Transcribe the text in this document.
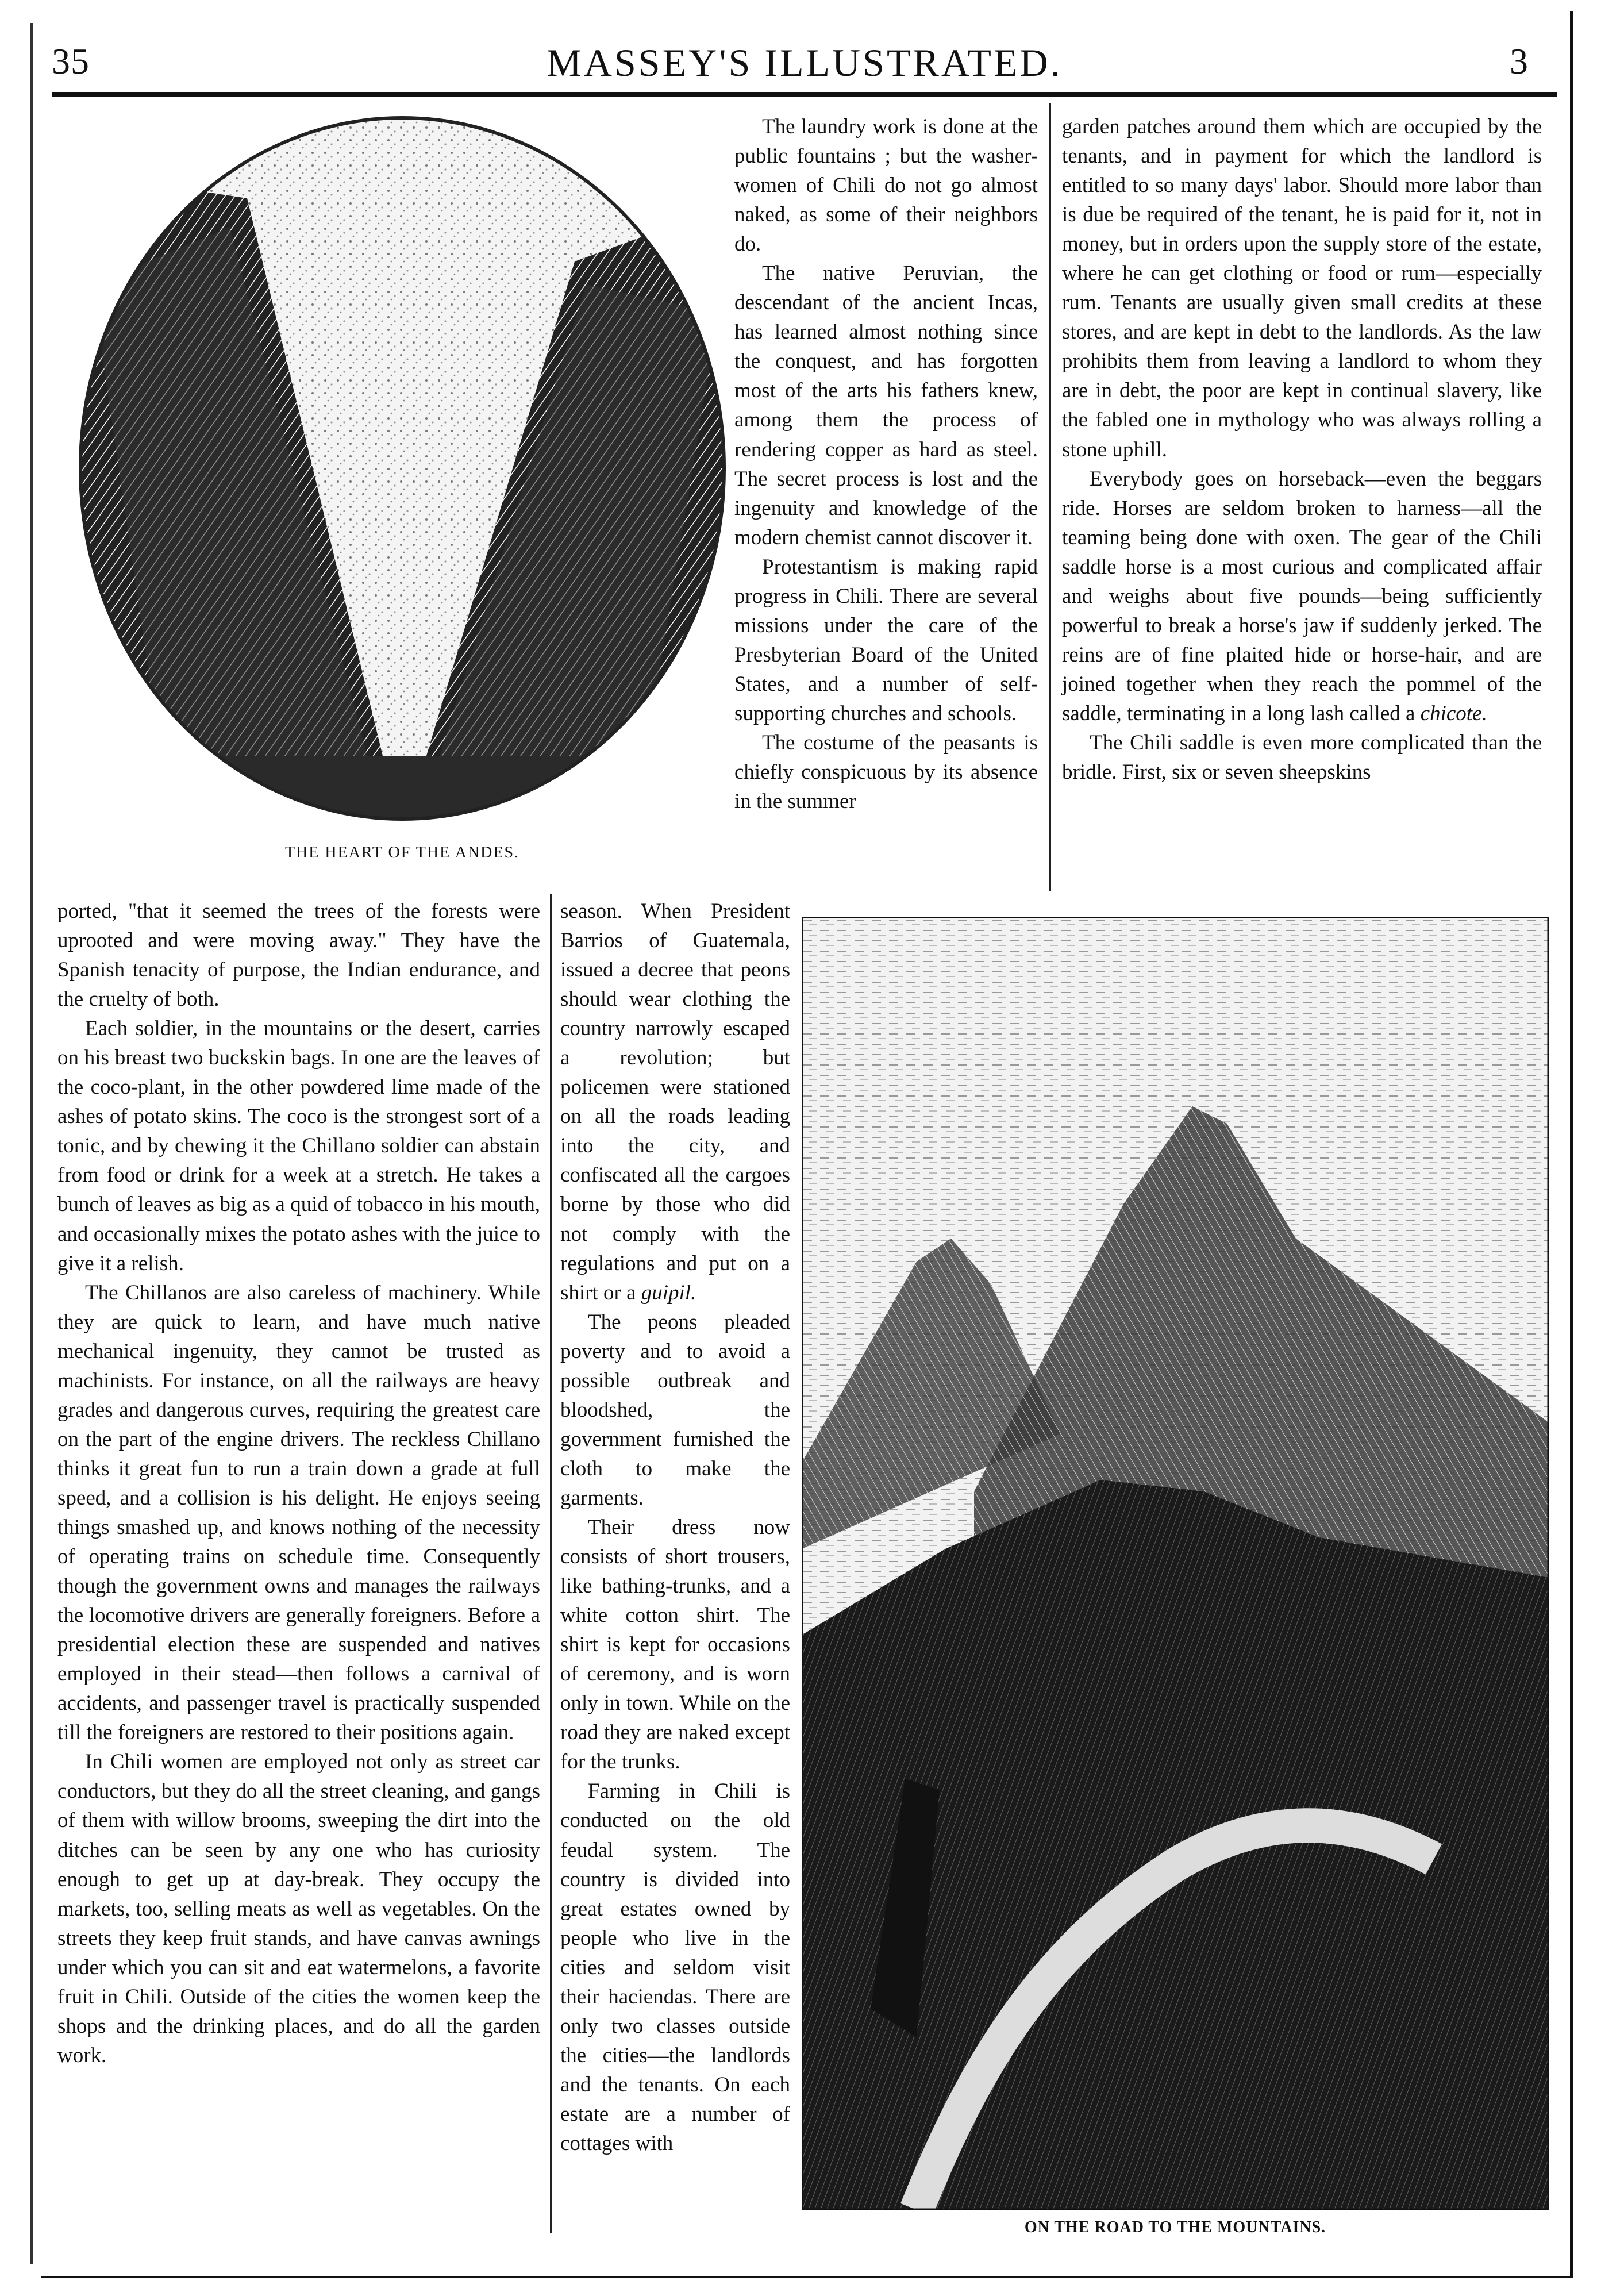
35	MASSEY'S ILLUSTRATED.	3
THE HEART OF THE ANDES.

The laundry work is done at the public fountains ; but the washer-women of Chili do not go almost naked, as some of their neighbors do.

The native Peruvian, the descendant of the ancient Incas, has learned almost nothing since the conquest, and has forgotten most of the arts his fathers knew, among them the process of rendering copper as hard as steel. The secret process is lost and the ingenuity and knowledge of the modern chemist cannot discover it.

Protestantism is making rapid progress in Chili. There are several missions under the care of the Presbyterian Board of the United States, and a number of self-supporting churches and schools.

The costume of the peasants is chiefly conspicuous by its absence in the summer

garden patches around them which are occupied by the tenants, and in payment for which the landlord is entitled to so many days' labor. Should more labor than is due be required of the tenant, he is paid for it, not in money, but in orders upon the supply store of the estate, where he can get clothing or food or rum—especially rum. Tenants are usually given small credits at these stores, and are kept in debt to the landlords. As the law prohibits them from leaving a landlord to whom they are in debt, the poor are kept in continual slavery, like the fabled one in mythology who was always rolling a stone uphill.

Everybody goes on horseback—even the beggars ride. Horses are seldom broken to harness—all the teaming being done with oxen. The gear of the Chili saddle horse is a most curious and complicated affair and weighs about five pounds—being sufficiently powerful to break a horse's jaw if suddenly jerked. The reins are of fine plaited hide or horse-hair, and are joined together when they reach the pommel of the saddle, terminating in a long lash called a chicote.

The Chili saddle is even more complicated than the bridle. First, six or seven sheepskins

ported, "that it seemed the trees of the forests were uprooted and were moving away." They have the Spanish tenacity of purpose, the Indian endurance, and the cruelty of both.

Each soldier, in the mountains or the desert, carries on his breast two buckskin bags. In one are the leaves of the coco-plant, in the other powdered lime made of the ashes of potato skins. The coco is the strongest sort of a tonic, and by chewing it the Chillano soldier can abstain from food or drink for a week at a stretch. He takes a bunch of leaves as big as a quid of tobacco in his mouth, and occasionally mixes the potato ashes with the juice to give it a relish.

The Chillanos are also careless of machinery. While they are quick to learn, and have much native mechanical ingenuity, they cannot be trusted as machinists. For instance, on all the railways are heavy grades and dangerous curves, requiring the greatest care on the part of the engine drivers. The reckless Chillano thinks it great fun to run a train down a grade at full speed, and a collision is his delight. He enjoys seeing things smashed up, and knows nothing of the necessity of operating trains on schedule time. Consequently though the government owns and manages the railways the locomotive drivers are generally foreigners. Before a presidential election these are suspended and natives employed in their stead—then follows a carnival of accidents, and passenger travel is practically suspended till the foreigners are restored to their positions again.

In Chili women are employed not only as street car conductors, but they do all the street cleaning, and gangs of them with willow brooms, sweeping the dirt into the ditches can be seen by any one who has curiosity enough to get up at day-break. They occupy the markets, too, selling meats as well as vegetables. On the streets they keep fruit stands, and have canvas awnings under which you can sit and eat watermelons, a favorite fruit in Chili. Outside of the cities the women keep the shops and the drinking places, and do all the garden work.

season. When President Barrios of Guatemala, issued a decree that peons should wear clothing the country narrowly escaped a revolution; but policemen were stationed on all the roads leading into the city, and confiscated all the cargoes borne by those who did not comply with the regulations and put on a shirt or a guipil.

The peons pleaded poverty and to avoid a possible outbreak and bloodshed, the government furnished the cloth to make the garments.

Their dress now consists of short trousers, like bathing-trunks, and a white cotton shirt. The shirt is kept for occasions of ceremony, and is worn only in town. While on the road they are naked except for the trunks.

Farming in Chili is conducted on the old feudal system. The country is divided into great estates owned by people who live in the cities and seldom visit their haciendas. There are only two classes outside the cities—the landlords and the tenants. On each estate are a number of cottages with

ON THE ROAD TO THE MOUNTAINS.
